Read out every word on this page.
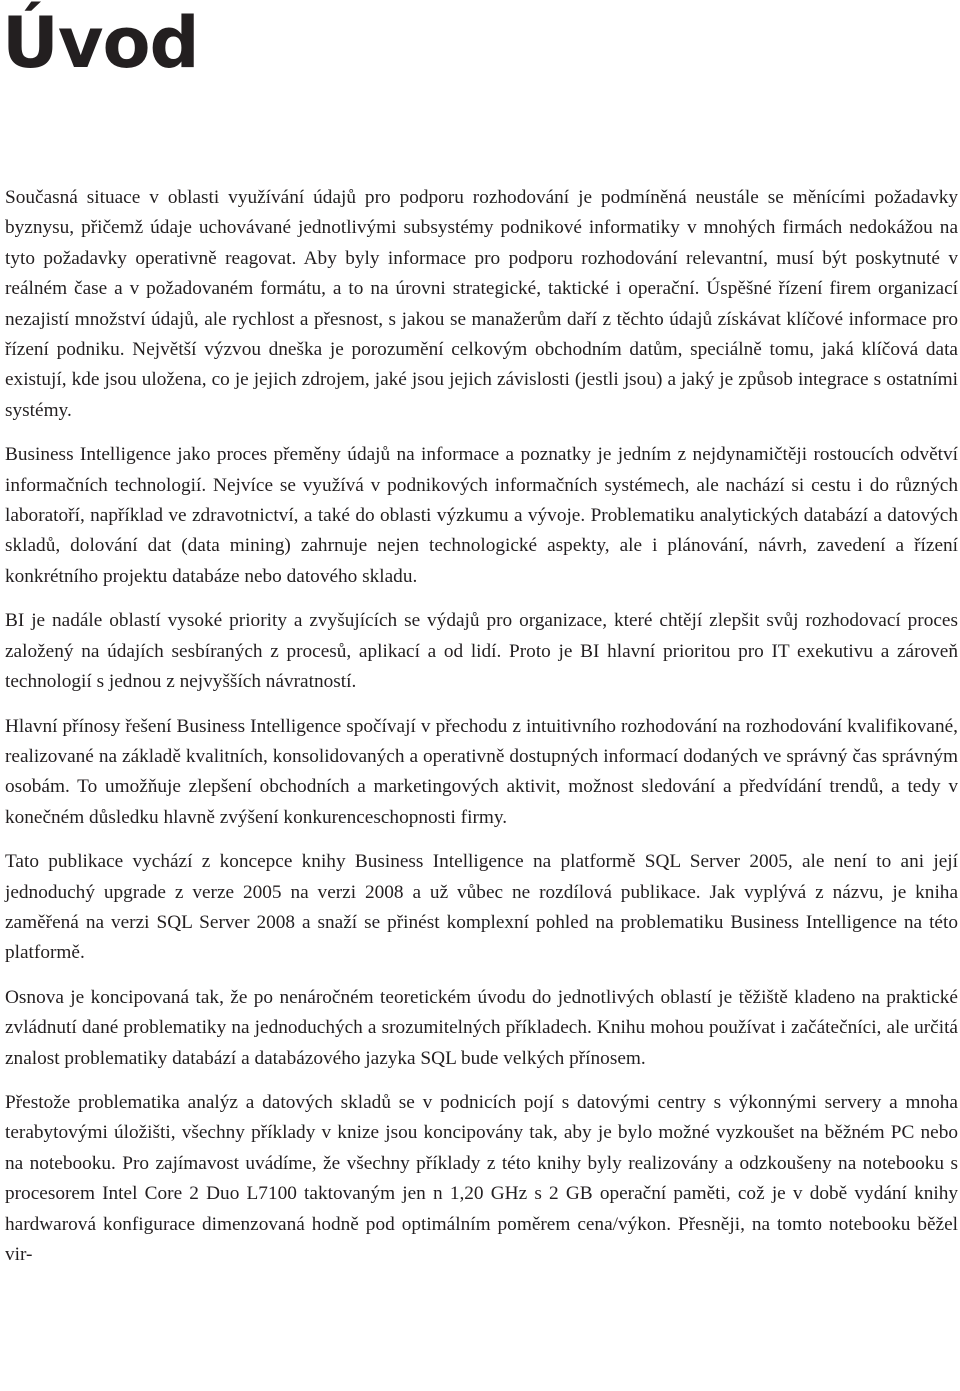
Úvod

Současná situace v oblasti využívání údajů pro podporu rozhodování je podmíněná neustále se měnícími požadavky byznysu, přičemž údaje uchovávané jednotlivými subsystémy podnikové informatiky v mnohých firmách nedokážou na tyto požadavky operativně reagovat. Aby byly informace pro podporu rozhodování relevantní, musí být poskytnuté v reálném čase a v požadovaném formátu, a to na úrovni strategické, taktické i operační. Úspěšné řízení firem organizací nezajistí množství údajů, ale rychlost a přesnost, s jakou se manažerům daří z těchto údajů získávat klíčové informace pro řízení podniku. Největší výzvou dneška je porozumění celkovým obchodním datům, speciálně tomu, jaká klíčová data existují, kde jsou uložena, co je jejich zdrojem, jaké jsou jejich závislosti (jestli jsou) a jaký je způsob integrace s ostatními systémy.

Business Intelligence jako proces přeměny údajů na informace a poznatky je jedním z nejdynamičtěji rostoucích odvětví informačních technologií. Nejvíce se využívá v podnikových informačních systémech, ale nachází si cestu i do různých laboratoří, například ve zdravotnictví, a také do oblasti výzkumu a vývoje. Problematiku analytických databází a datových skladů, dolování dat (data mining) zahrnuje nejen technologické aspekty, ale i plánování, návrh, zavedení a řízení konkrétního projektu databáze nebo datového skladu.

BI je nadále oblastí vysoké priority a zvyšujících se výdajů pro organizace, které chtějí zlepšit svůj rozhodovací proces založený na údajích sesbíraných z procesů, aplikací a od lidí. Proto je BI hlavní prioritou pro IT exekutivu a zároveň technologií s jednou z nejvyšších návratností.

Hlavní přínosy řešení Business Intelligence spočívají v přechodu z intuitivního rozhodování na rozhodování kvalifikované, realizované na základě kvalitních, konsolidovaných a operativně dostupných informací dodaných ve správný čas správným osobám. To umožňuje zlepšení obchodních a marketingových aktivit, možnost sledování a předvídání trendů, a tedy v konečném důsledku hlavně zvýšení konkurenceschopnosti firmy.

Tato publikace vychází z koncepce knihy Business Intelligence na platformě SQL Server 2005, ale není to ani její jednoduchý upgrade z verze 2005 na verzi 2008 a už vůbec ne rozdílová publikace. Jak vyplývá z názvu, je kniha zaměřená na verzi SQL Server 2008 a snaží se přinést komplexní pohled na problematiku Business Intelligence na této platformě.

Osnova je koncipovaná tak, že po nenáročném teoretickém úvodu do jednotlivých oblastí je těžiště kladeno na praktické zvládnutí dané problematiky na jednoduchých a srozumitelných příkladech. Knihu mohou používat i začátečníci, ale určitá znalost problematiky databází a databázového jazyka SQL bude velkých přínosem.

Přestože problematika analýz a datových skladů se v podnicích pojí s datovými centry s výkonnými servery a mnoha terabytovými úložišti, všechny příklady v knize jsou koncipovány tak, aby je bylo možné vyzkoušet na běžném PC nebo na notebooku. Pro zajímavost uvádíme, že všechny příklady z této knihy byly realizovány a odzkoušeny na notebooku s procesorem Intel Core 2 Duo L7100 taktovaným jen n 1,20 GHz s 2 GB operační paměti, což je v době vydání knihy hardwarová konfigurace dimenzovaná hodně pod optimálním poměrem cena/výkon. Přesněji, na tomto notebooku běžel vir-
